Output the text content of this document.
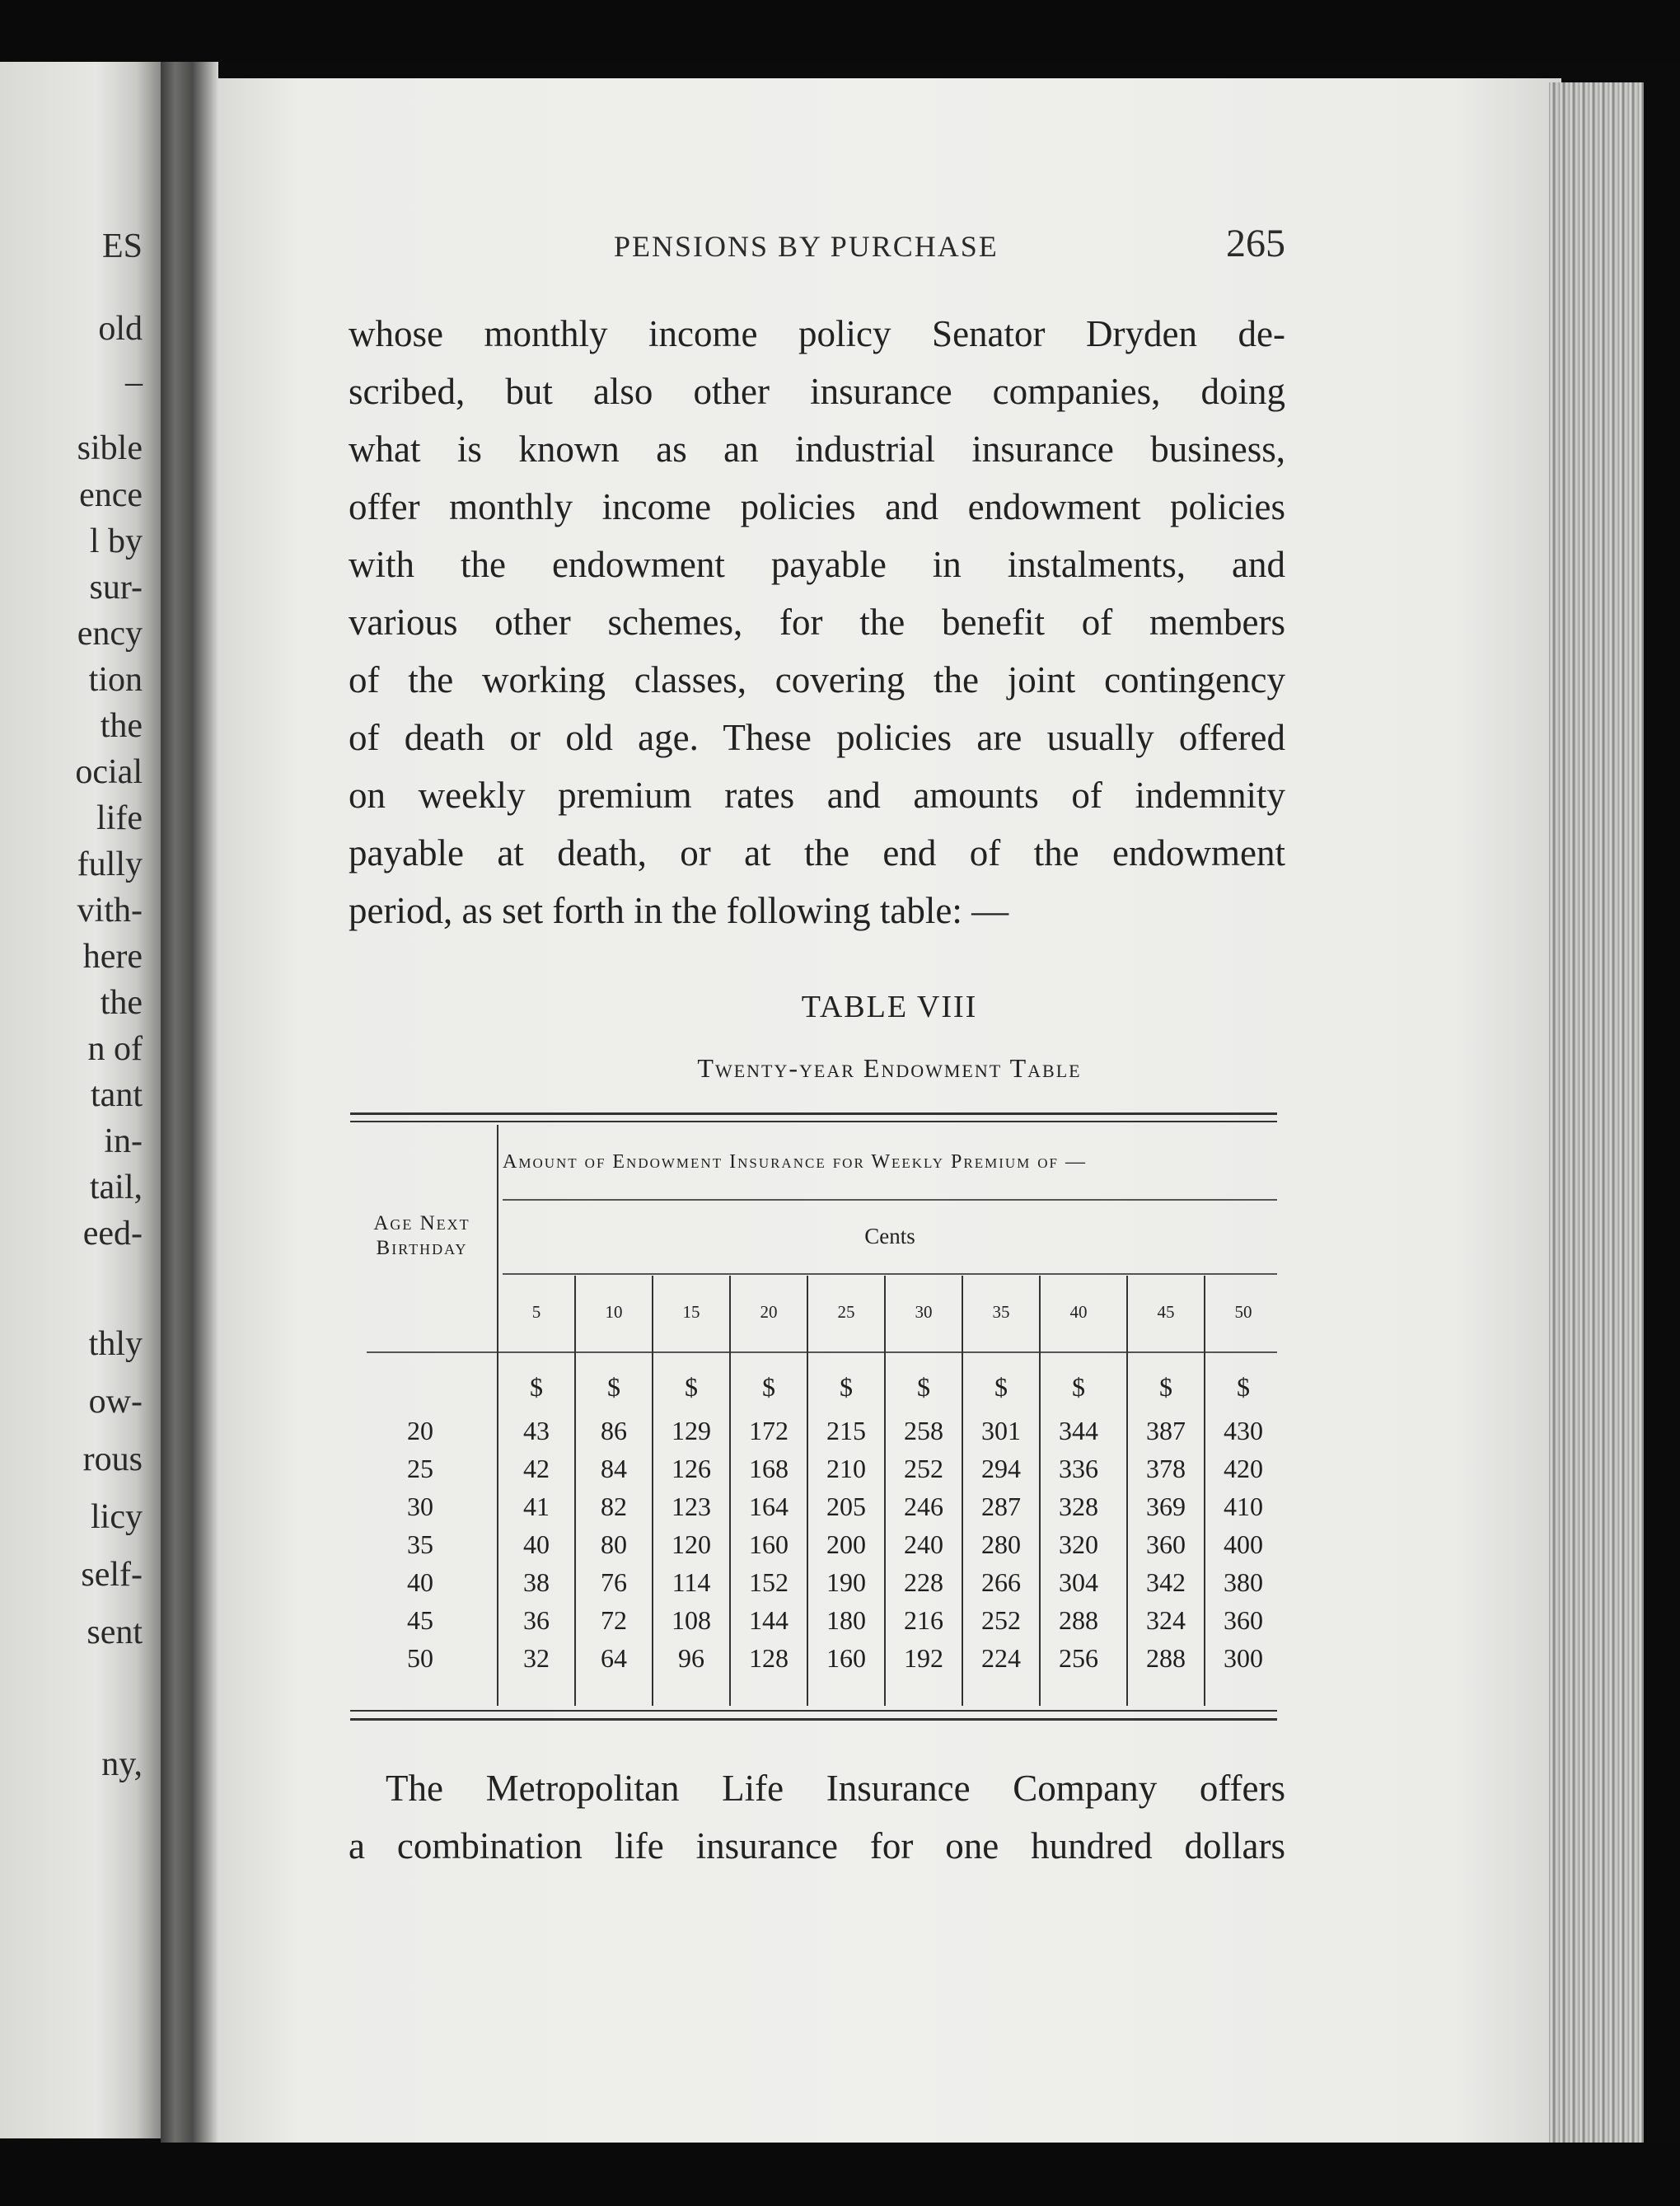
ES
old
–
sible
ence
l by
sur-
ency
tion
the
ocial
life
fully
vith-
here
the
n of
tant
in-
tail,
eed-
thly
ow-
rous
licy
self-
sent
ny,
PENSIONS BY PURCHASE	265
whose monthly income policy Senator Dryden de-
scribed, but also other insurance companies, doing
what is known as an industrial insurance business,
offer monthly income policies and endowment policies
with the endowment payable in instalments, and
various other schemes, for the benefit of members
of the working classes, covering the joint contingency
of death or old age. These policies are usually offered
on weekly premium rates and amounts of indemnity
payable at death, or at the end of the endowment
period, as set forth in the following table: —
TABLE VIII
Twenty-year Endowment Table
Age Next
Birthday
Amount of Endowment Insurance for Weekly Premium of —
Cents
5	10	15	20	25	30	35	40	45	50
$	$	$	$	$	$	$	$	$	$
20	43	86	129	172	215	258	301	344	387	430
25	42	84	126	168	210	252	294	336	378	420
30	41	82	123	164	205	246	287	328	369	410
35	40	80	120	160	200	240	280	320	360	400
40	38	76	114	152	190	228	266	304	342	380
45	36	72	108	144	180	216	252	288	324	360
50	32	64	96	128	160	192	224	256	288	300
The Metropolitan Life Insurance Company offers
a combination life insurance for one hundred dollars
